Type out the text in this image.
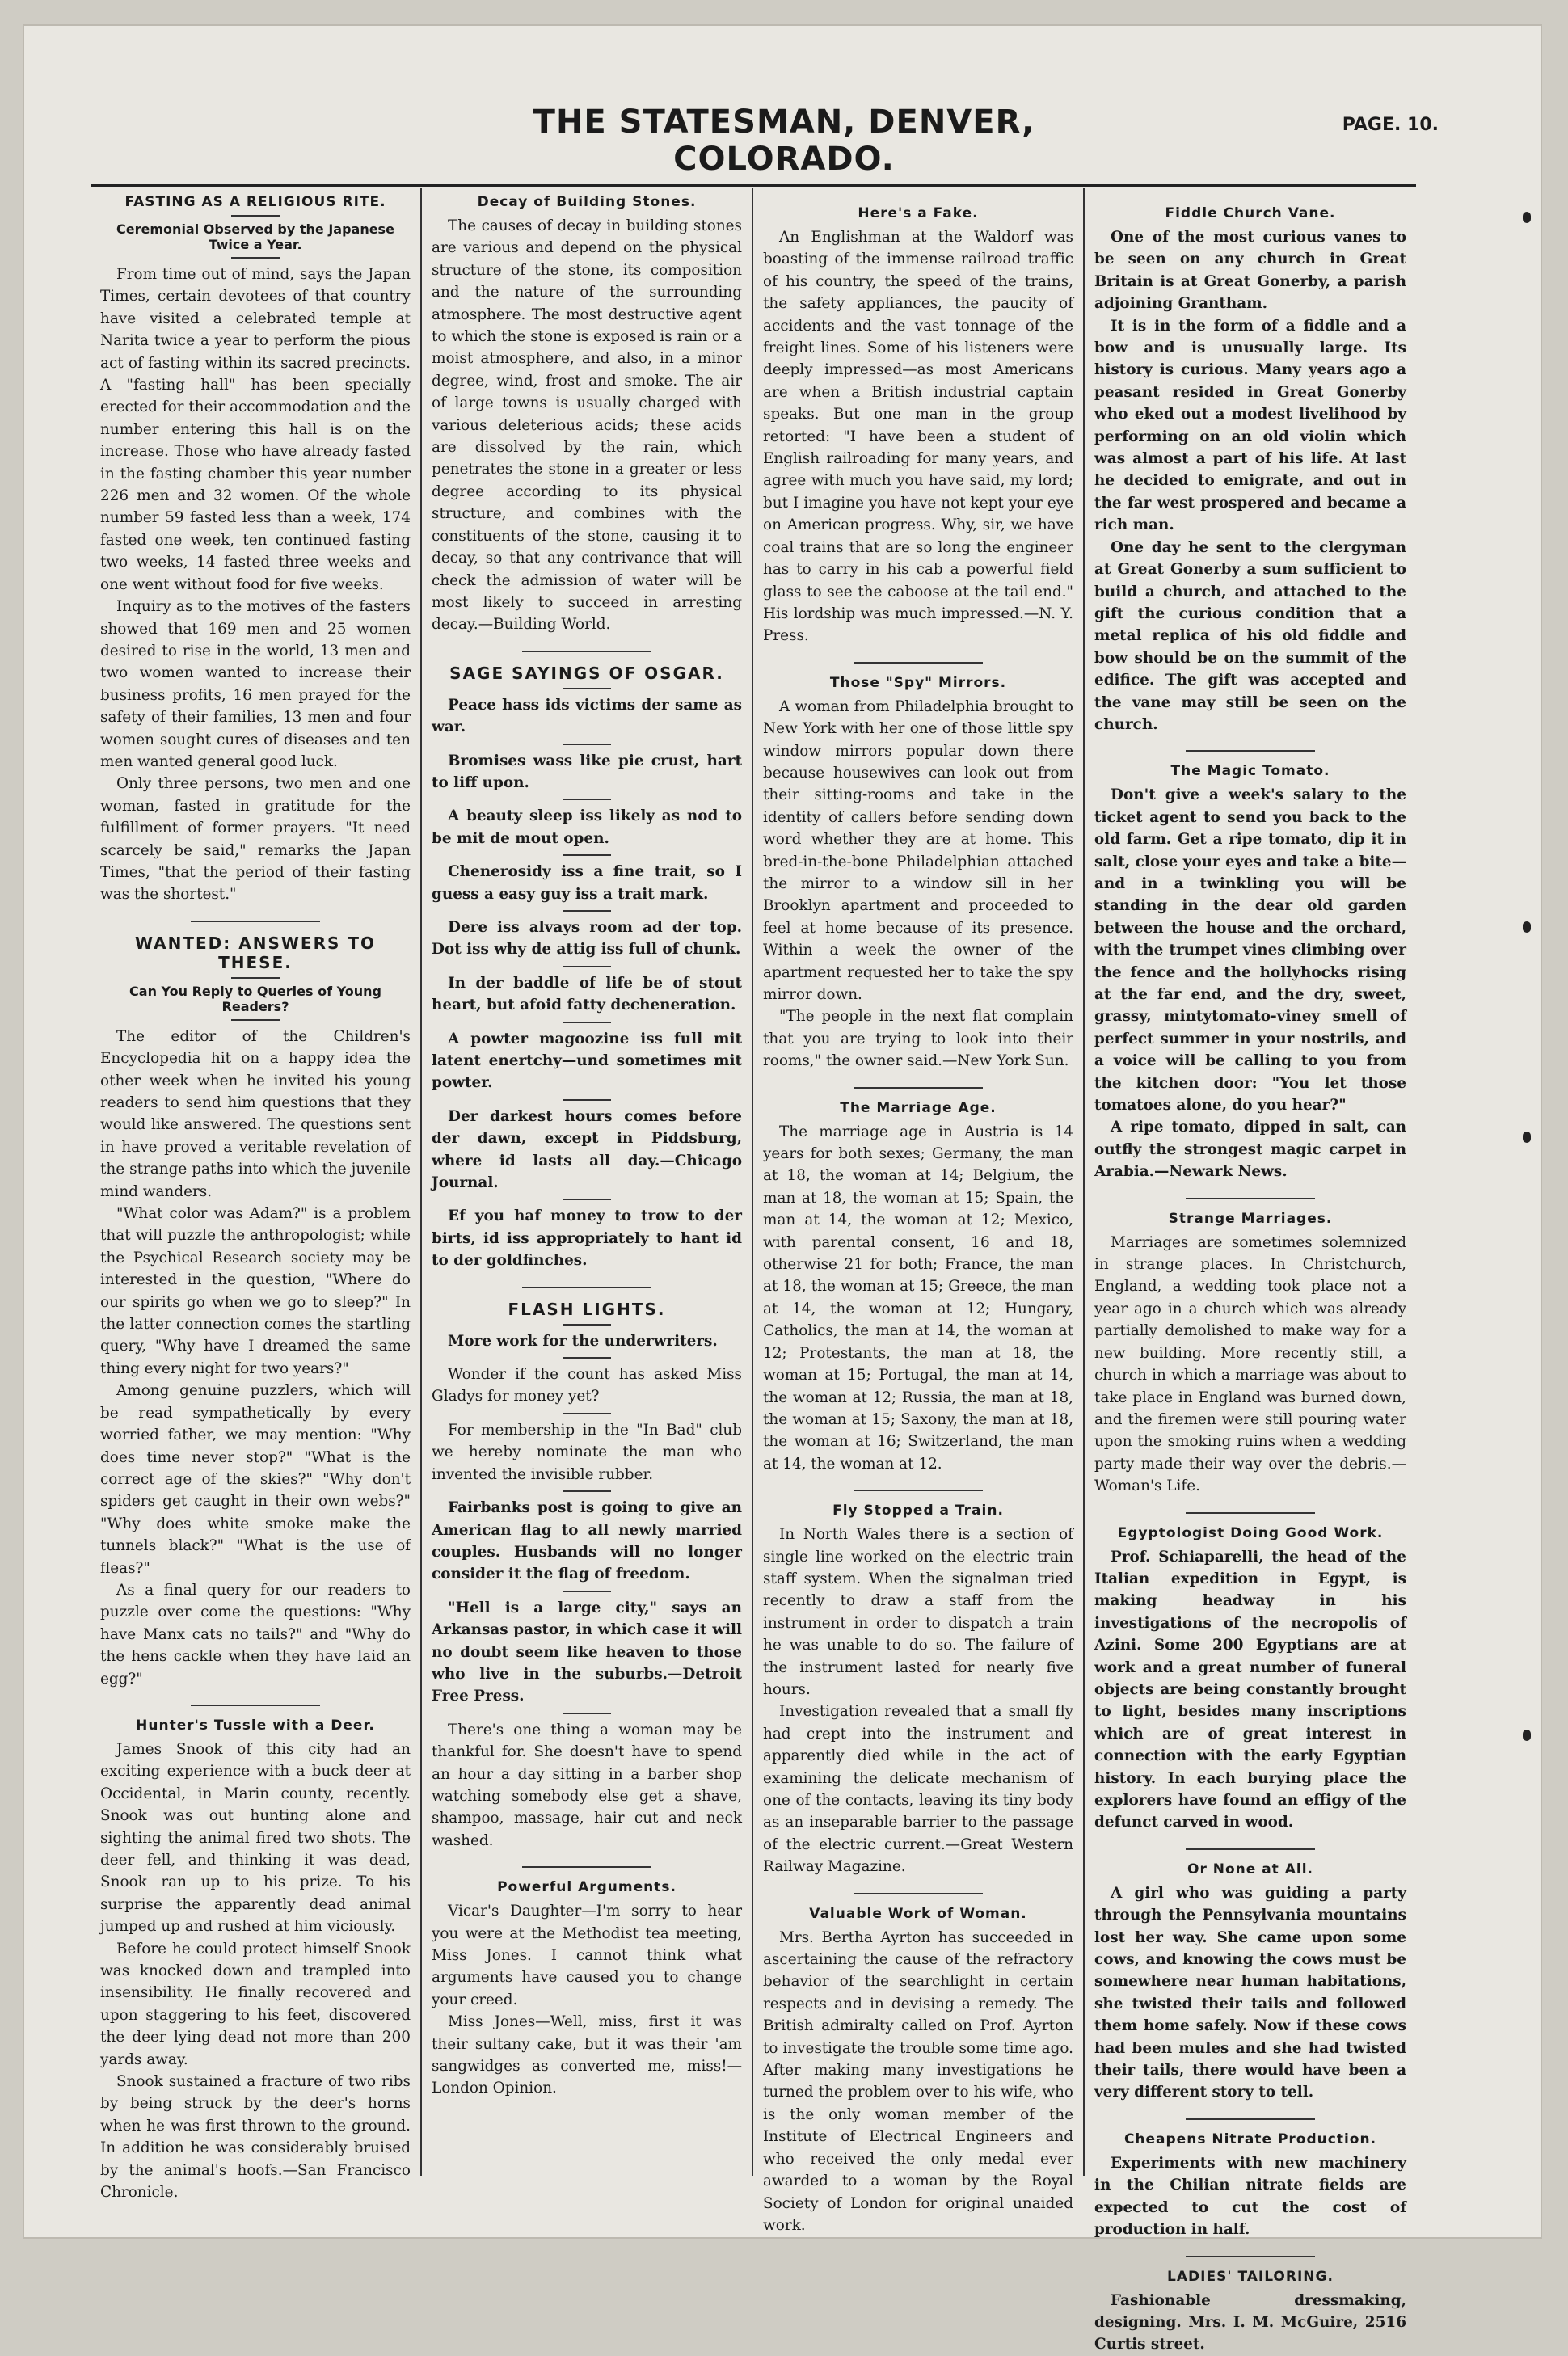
THE STATESMAN, DENVER, COLORADO.
PAGE. 10.
FASTING AS A RELIGIOUS RITE.
Ceremonial Observed by the Japanese Twice a Year.

From time out of mind, says the Japan Times, certain devotees of that country have visited a celebrated temple at Narita twice a year to perform the pious act of fasting within its sacred precincts. A "fasting hall" has been specially erected for their accommodation and the number entering this hall is on the increase. Those who have already fasted in the fasting chamber this year number 226 men and 32 women. Of the whole number 59 fasted less than a week, 174 fasted one week, ten continued fasting two weeks, 14 fasted three weeks and one went without food for five weeks.

Inquiry as to the motives of the fasters showed that 169 men and 25 women desired to rise in the world, 13 men and two women wanted to increase their business profits, 16 men prayed for the safety of their families, 13 men and four women sought cures of diseases and ten men wanted general good luck.

Only three persons, two men and one woman, fasted in gratitude for the fulfillment of former prayers. "It need scarcely be said," remarks the Japan Times, "that the period of their fasting was the shortest."

WANTED: ANSWERS TO THESE.
Can You Reply to Queries of Young Readers?

The editor of the Children's Encyclopedia hit on a happy idea the other week when he invited his young readers to send him questions that they would like answered. The questions sent in have proved a veritable revelation of the strange paths into which the juvenile mind wanders.

"What color was Adam?" is a problem that will puzzle the anthropologist; while the Psychical Research society may be interested in the question, "Where do our spirits go when we go to sleep?" In the latter connection comes the startling query, "Why have I dreamed the same thing every night for two years?"

Among genuine puzzlers, which will be read sympathetically by every worried father, we may mention: "Why does time never stop?" "What is the correct age of the skies?" "Why don't spiders get caught in their own webs?" "Why does white smoke make the tunnels black?" "What is the use of fleas?"

As a final query for our readers to puzzle over come the questions: "Why have Manx cats no tails?" and "Why do the hens cackle when they have laid an egg?"

Hunter's Tussle with a Deer.

James Snook of this city had an exciting experience with a buck deer at Occidental, in Marin county, recently. Snook was out hunting alone and sighting the animal fired two shots. The deer fell, and thinking it was dead, Snook ran up to his prize. To his surprise the apparently dead animal jumped up and rushed at him viciously.

Before he could protect himself Snook was knocked down and trampled into insensibility. He finally recovered and upon staggering to his feet, discovered the deer lying dead not more than 200 yards away.

Snook sustained a fracture of two ribs by being struck by the deer's horns when he was first thrown to the ground. In addition he was considerably bruised by the animal's hoofs.—San Francisco Chronicle.

Decay of Building Stones.

The causes of decay in building stones are various and depend on the physical structure of the stone, its composition and the nature of the surrounding atmosphere. The most destructive agent to which the stone is exposed is rain or a moist atmosphere, and also, in a minor degree, wind, frost and smoke. The air of large towns is usually charged with various deleterious acids; these acids are dissolved by the rain, which penetrates the stone in a greater or less degree according to its physical structure, and combines with the constituents of the stone, causing it to decay, so that any contrivance that will check the admission of water will be most likely to succeed in arresting decay.—Building World.

SAGE SAYINGS OF OSGAR.

Peace hass ids victims der same as war.

Bromises wass like pie crust, hart to liff upon.

A beauty sleep iss likely as nod to be mit de mout open.

Chenerosidy iss a fine trait, so I guess a easy guy iss a trait mark.

Dere iss alvays room ad der top. Dot iss why de attig iss full of chunk.

In der baddle of life be of stout heart, but afoid fatty decheneration.

A powter magoozine iss full mit latent enertchy—und sometimes mit powter.

Der darkest hours comes before der dawn, except in Piddsburg, where id lasts all day.—Chicago Journal.

Ef you haf money to trow to der birts, id iss appropriately to hant id to der goldfinches.

FLASH LIGHTS.

More work for the underwriters.

Wonder if the count has asked Miss Gladys for money yet?

For membership in the "In Bad" club we hereby nominate the man who invented the invisible rubber.

Fairbanks post is going to give an American flag to all newly married couples. Husbands will no longer consider it the flag of freedom.

"Hell is a large city," says an Arkansas pastor, in which case it will no doubt seem like heaven to those who live in the suburbs.—Detroit Free Press.

There's one thing a woman may be thankful for. She doesn't have to spend an hour a day sitting in a barber shop watching somebody else get a shave, shampoo, massage, hair cut and neck washed.

Powerful Arguments.

Vicar's Daughter—I'm sorry to hear you were at the Methodist tea meeting, Miss Jones. I cannot think what arguments have caused you to change your creed.

Miss Jones—Well, miss, first it was their sultany cake, but it was their 'am sangwidges as converted me, miss!—London Opinion.

Here's a Fake.

An Englishman at the Waldorf was boasting of the immense railroad traffic of his country, the speed of the trains, the safety appliances, the paucity of accidents and the vast tonnage of the freight lines. Some of his listeners were deeply impressed—as most Americans are when a British industrial captain speaks. But one man in the group retorted: "I have been a student of English railroading for many years, and agree with much you have said, my lord; but I imagine you have not kept your eye on American progress. Why, sir, we have coal trains that are so long the engineer has to carry in his cab a powerful field glass to see the caboose at the tail end." His lordship was much impressed.—N. Y. Press.

Those "Spy" Mirrors.

A woman from Philadelphia brought to New York with her one of those little spy window mirrors popular down there because housewives can look out from their sitting-rooms and take in the identity of callers before sending down word whether they are at home. This bred-in-the-bone Philadelphian attached the mirror to a window sill in her Brooklyn apartment and proceeded to feel at home because of its presence. Within a week the owner of the apartment requested her to take the spy mirror down.

"The people in the next flat complain that you are trying to look into their rooms," the owner said.—New York Sun.

The Marriage Age.

The marriage age in Austria is 14 years for both sexes; Germany, the man at 18, the woman at 14; Belgium, the man at 18, the woman at 15; Spain, the man at 14, the woman at 12; Mexico, with parental consent, 16 and 18, otherwise 21 for both; France, the man at 18, the woman at 15; Greece, the man at 14, the woman at 12; Hungary, Catholics, the man at 14, the woman at 12; Protestants, the man at 18, the woman at 15; Portugal, the man at 14, the woman at 12; Russia, the man at 18, the woman at 15; Saxony, the man at 18, the woman at 16; Switzerland, the man at 14, the woman at 12.

Fly Stopped a Train.

In North Wales there is a section of single line worked on the electric train staff system. When the signalman tried recently to draw a staff from the instrument in order to dispatch a train he was unable to do so. The failure of the instrument lasted for nearly five hours.

Investigation revealed that a small fly had crept into the instrument and apparently died while in the act of examining the delicate mechanism of one of the contacts, leaving its tiny body as an inseparable barrier to the passage of the electric current.—Great Western Railway Magazine.

Valuable Work of Woman.

Mrs. Bertha Ayrton has succeeded in ascertaining the cause of the refractory behavior of the searchlight in certain respects and in devising a remedy. The British admiralty called on Prof. Ayrton to investigate the trouble some time ago. After making many investigations he turned the problem over to his wife, who is the only woman member of the Institute of Electrical Engineers and who received the only medal ever awarded to a woman by the Royal Society of London for original unaided work.

Fiddle Church Vane.

One of the most curious vanes to be seen on any church in Great Britain is at Great Gonerby, a parish adjoining Grantham.

It is in the form of a fiddle and a bow and is unusually large. Its history is curious. Many years ago a peasant resided in Great Gonerby who eked out a modest livelihood by performing on an old violin which was almost a part of his life. At last he decided to emigrate, and out in the far west prospered and became a rich man.

One day he sent to the clergyman at Great Gonerby a sum sufficient to build a church, and attached to the gift the curious condition that a metal replica of his old fiddle and bow should be on the summit of the edifice. The gift was accepted and the vane may still be seen on the church.

The Magic Tomato.

Don't give a week's salary to the ticket agent to send you back to the old farm. Get a ripe tomato, dip it in salt, close your eyes and take a bite—and in a twinkling you will be standing in the dear old garden between the house and the orchard, with the trumpet vines climbing over the fence and the hollyhocks rising at the far end, and the dry, sweet, grassy, mintytomato-viney smell of perfect summer in your nostrils, and a voice will be calling to you from the kitchen door: "You let those tomatoes alone, do you hear?"

A ripe tomato, dipped in salt, can outfly the strongest magic carpet in Arabia.—Newark News.

Strange Marriages.

Marriages are sometimes solemnized in strange places. In Christchurch, England, a wedding took place not a year ago in a church which was already partially demolished to make way for a new building. More recently still, a church in which a marriage was about to take place in England was burned down, and the firemen were still pouring water upon the smoking ruins when a wedding party made their way over the debris.—Woman's Life.

Egyptologist Doing Good Work.

Prof. Schiaparelli, the head of the Italian expedition in Egypt, is making headway in his investigations of the necropolis of Azini. Some 200 Egyptians are at work and a great number of funeral objects are being constantly brought to light, besides many inscriptions which are of great interest in connection with the early Egyptian history. In each burying place the explorers have found an effigy of the defunct carved in wood.

Or None at All.

A girl who was guiding a party through the Pennsylvania mountains lost her way. She came upon some cows, and knowing the cows must be somewhere near human habitations, she twisted their tails and followed them home safely. Now if these cows had been mules and she had twisted their tails, there would have been a very different story to tell.

Cheapens Nitrate Production.

Experiments with new machinery in the Chilian nitrate fields are expected to cut the cost of production in half.

LADIES' TAILORING.

Fashionable dressmaking, designing. Mrs. I. M. McGuire, 2516 Curtis street.
